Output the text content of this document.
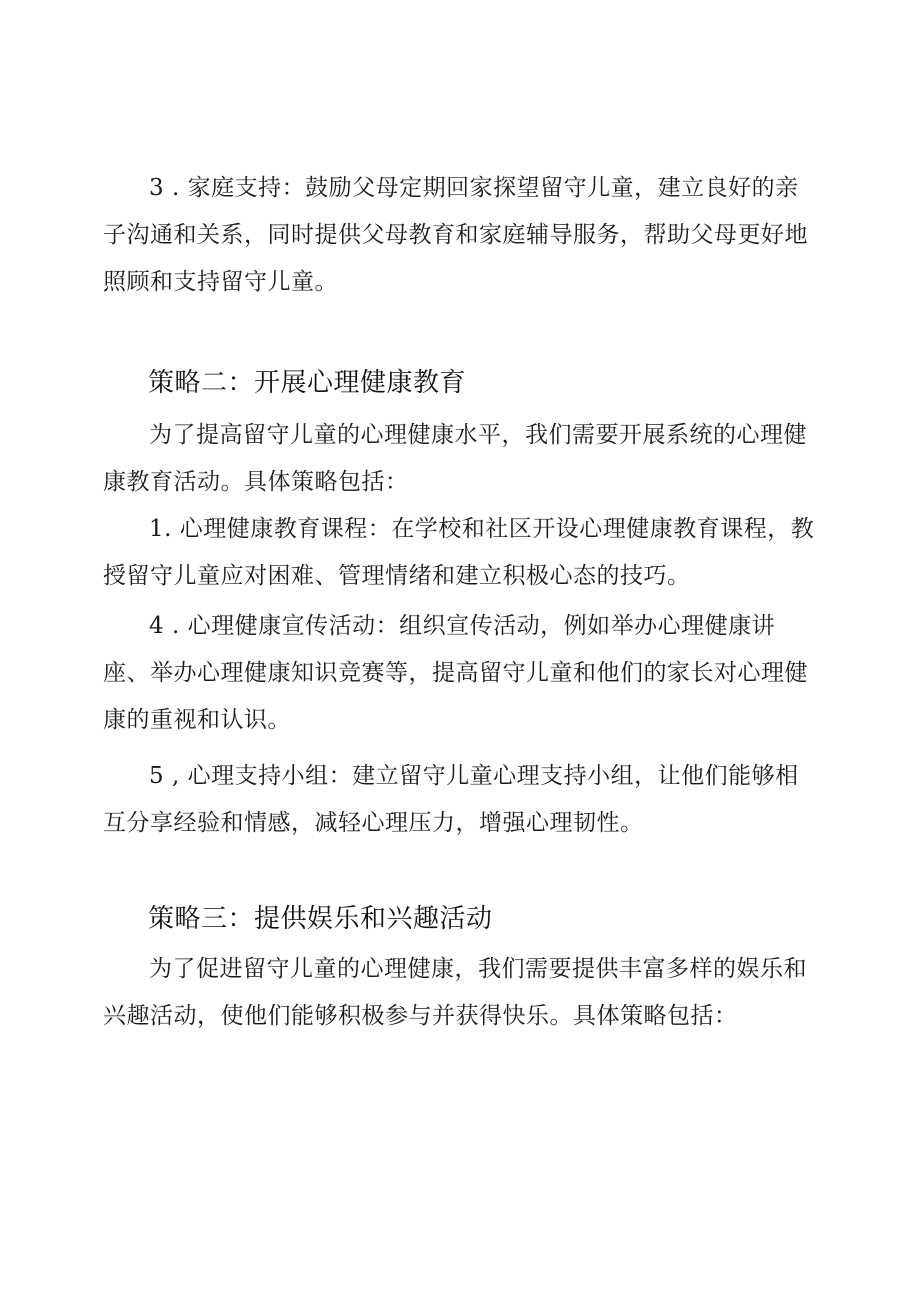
3 . 家庭支持：鼓励父母定期回家探望留守儿童，建立良好的亲子沟通和关系，同时提供父母教育和家庭辅导服务，帮助父母更好地照顾和支持留守儿童。

策略二：开展心理健康教育

为了提高留守儿童的心理健康水平，我们需要开展系统的心理健康教育活动。具体策略包括：

1. 心理健康教育课程：在学校和社区开设心理健康教育课程，教授留守儿童应对困难、管理情绪和建立积极心态的技巧。

4 . 心理健康宣传活动：组织宣传活动，例如举办心理健康讲座、举办心理健康知识竞赛等，提高留守儿童和他们的家长对心理健康的重视和认识。

5 , 心理支持小组：建立留守儿童心理支持小组，让他们能够相互分享经验和情感，减轻心理压力，增强心理韧性。

策略三：提供娱乐和兴趣活动

为了促进留守儿童的心理健康，我们需要提供丰富多样的娱乐和兴趣活动，使他们能够积极参与并获得快乐。具体策略包括：
